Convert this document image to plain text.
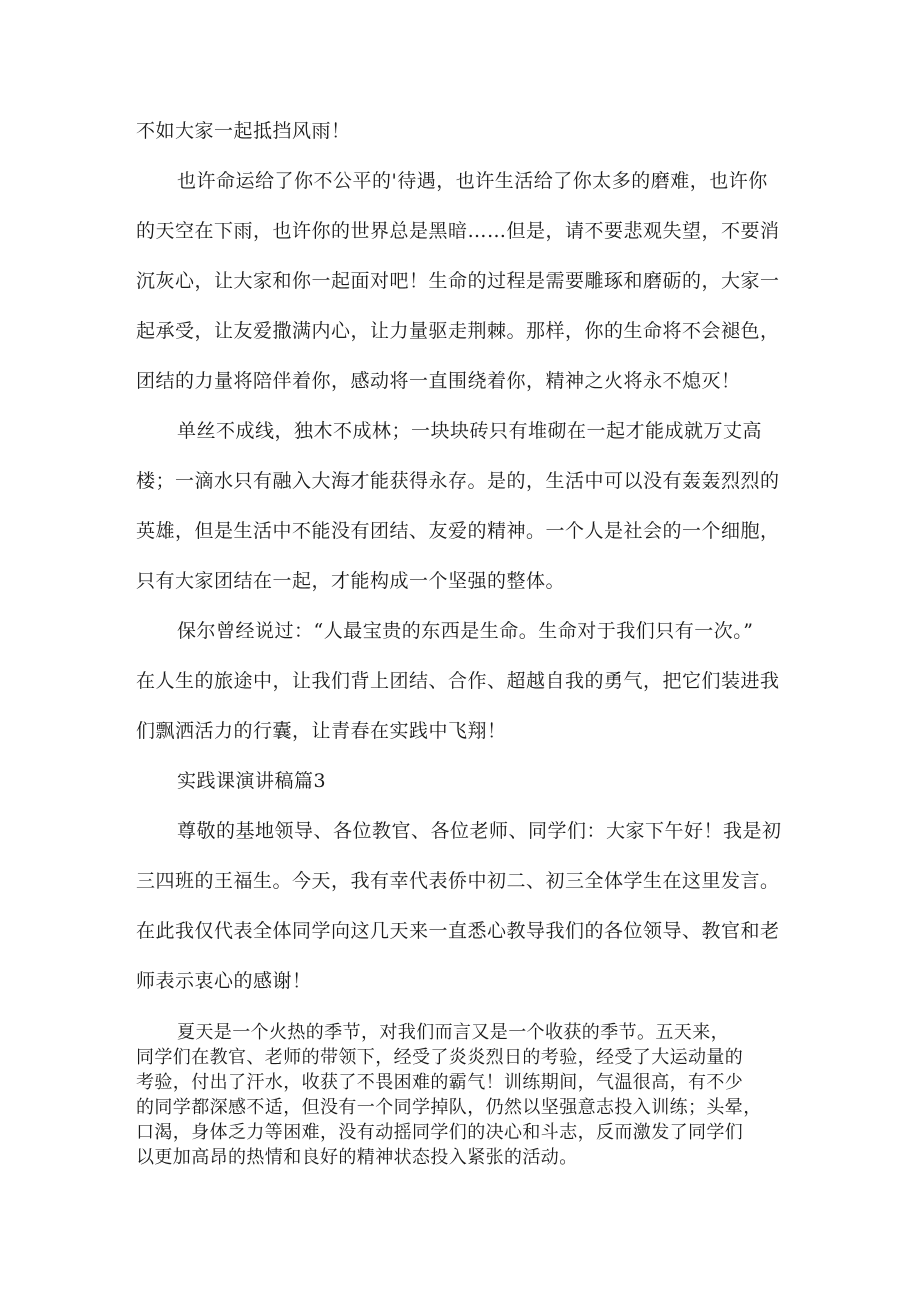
不如大家一起抵挡风雨！
也许命运给了你不公平的'待遇，也许生活给了你太多的磨难，也许你
的天空在下雨，也许你的世界总是黑暗……但是，请不要悲观失望，不要消
沉灰心，让大家和你一起面对吧！生命的过程是需要雕琢和磨砺的，大家一
起承受，让友爱撒满内心，让力量驱走荆棘。那样，你的生命将不会褪色，
团结的力量将陪伴着你，感动将一直围绕着你，精神之火将永不熄灭！
单丝不成线，独木不成林；一块块砖只有堆砌在一起才能成就万丈高
楼；一滴水只有融入大海才能获得永存。是的，生活中可以没有轰轰烈烈的
英雄，但是生活中不能没有团结、友爱的精神。一个人是社会的一个细胞，
只有大家团结在一起，才能构成一个坚强的整体。
保尔曾经说过：“人最宝贵的东西是生命。生命对于我们只有一次。”
在人生的旅途中，让我们背上团结、合作、超越自我的勇气，把它们装进我
们飘洒活力的行囊，让青春在实践中飞翔！
实践课演讲稿篇3
尊敬的基地领导、各位教官、各位老师、同学们：大家下午好！我是初
三四班的王福生。今天，我有幸代表侨中初二、初三全体学生在这里发言。
在此我仅代表全体同学向这几天来一直悉心教导我们的各位领导、教官和老
师表示衷心的感谢！
夏天是一个火热的季节，对我们而言又是一个收获的季节。五天来，
同学们在教官、老师的带领下，经受了炎炎烈日的考验，经受了大运动量的
考验，付出了汗水，收获了不畏困难的霸气！训练期间，气温很高，有不少
的同学都深感不适，但没有一个同学掉队，仍然以坚强意志投入训练；头晕，
口渴，身体乏力等困难，没有动摇同学们的决心和斗志，反而激发了同学们
以更加高昂的热情和良好的精神状态投入紧张的活动。
